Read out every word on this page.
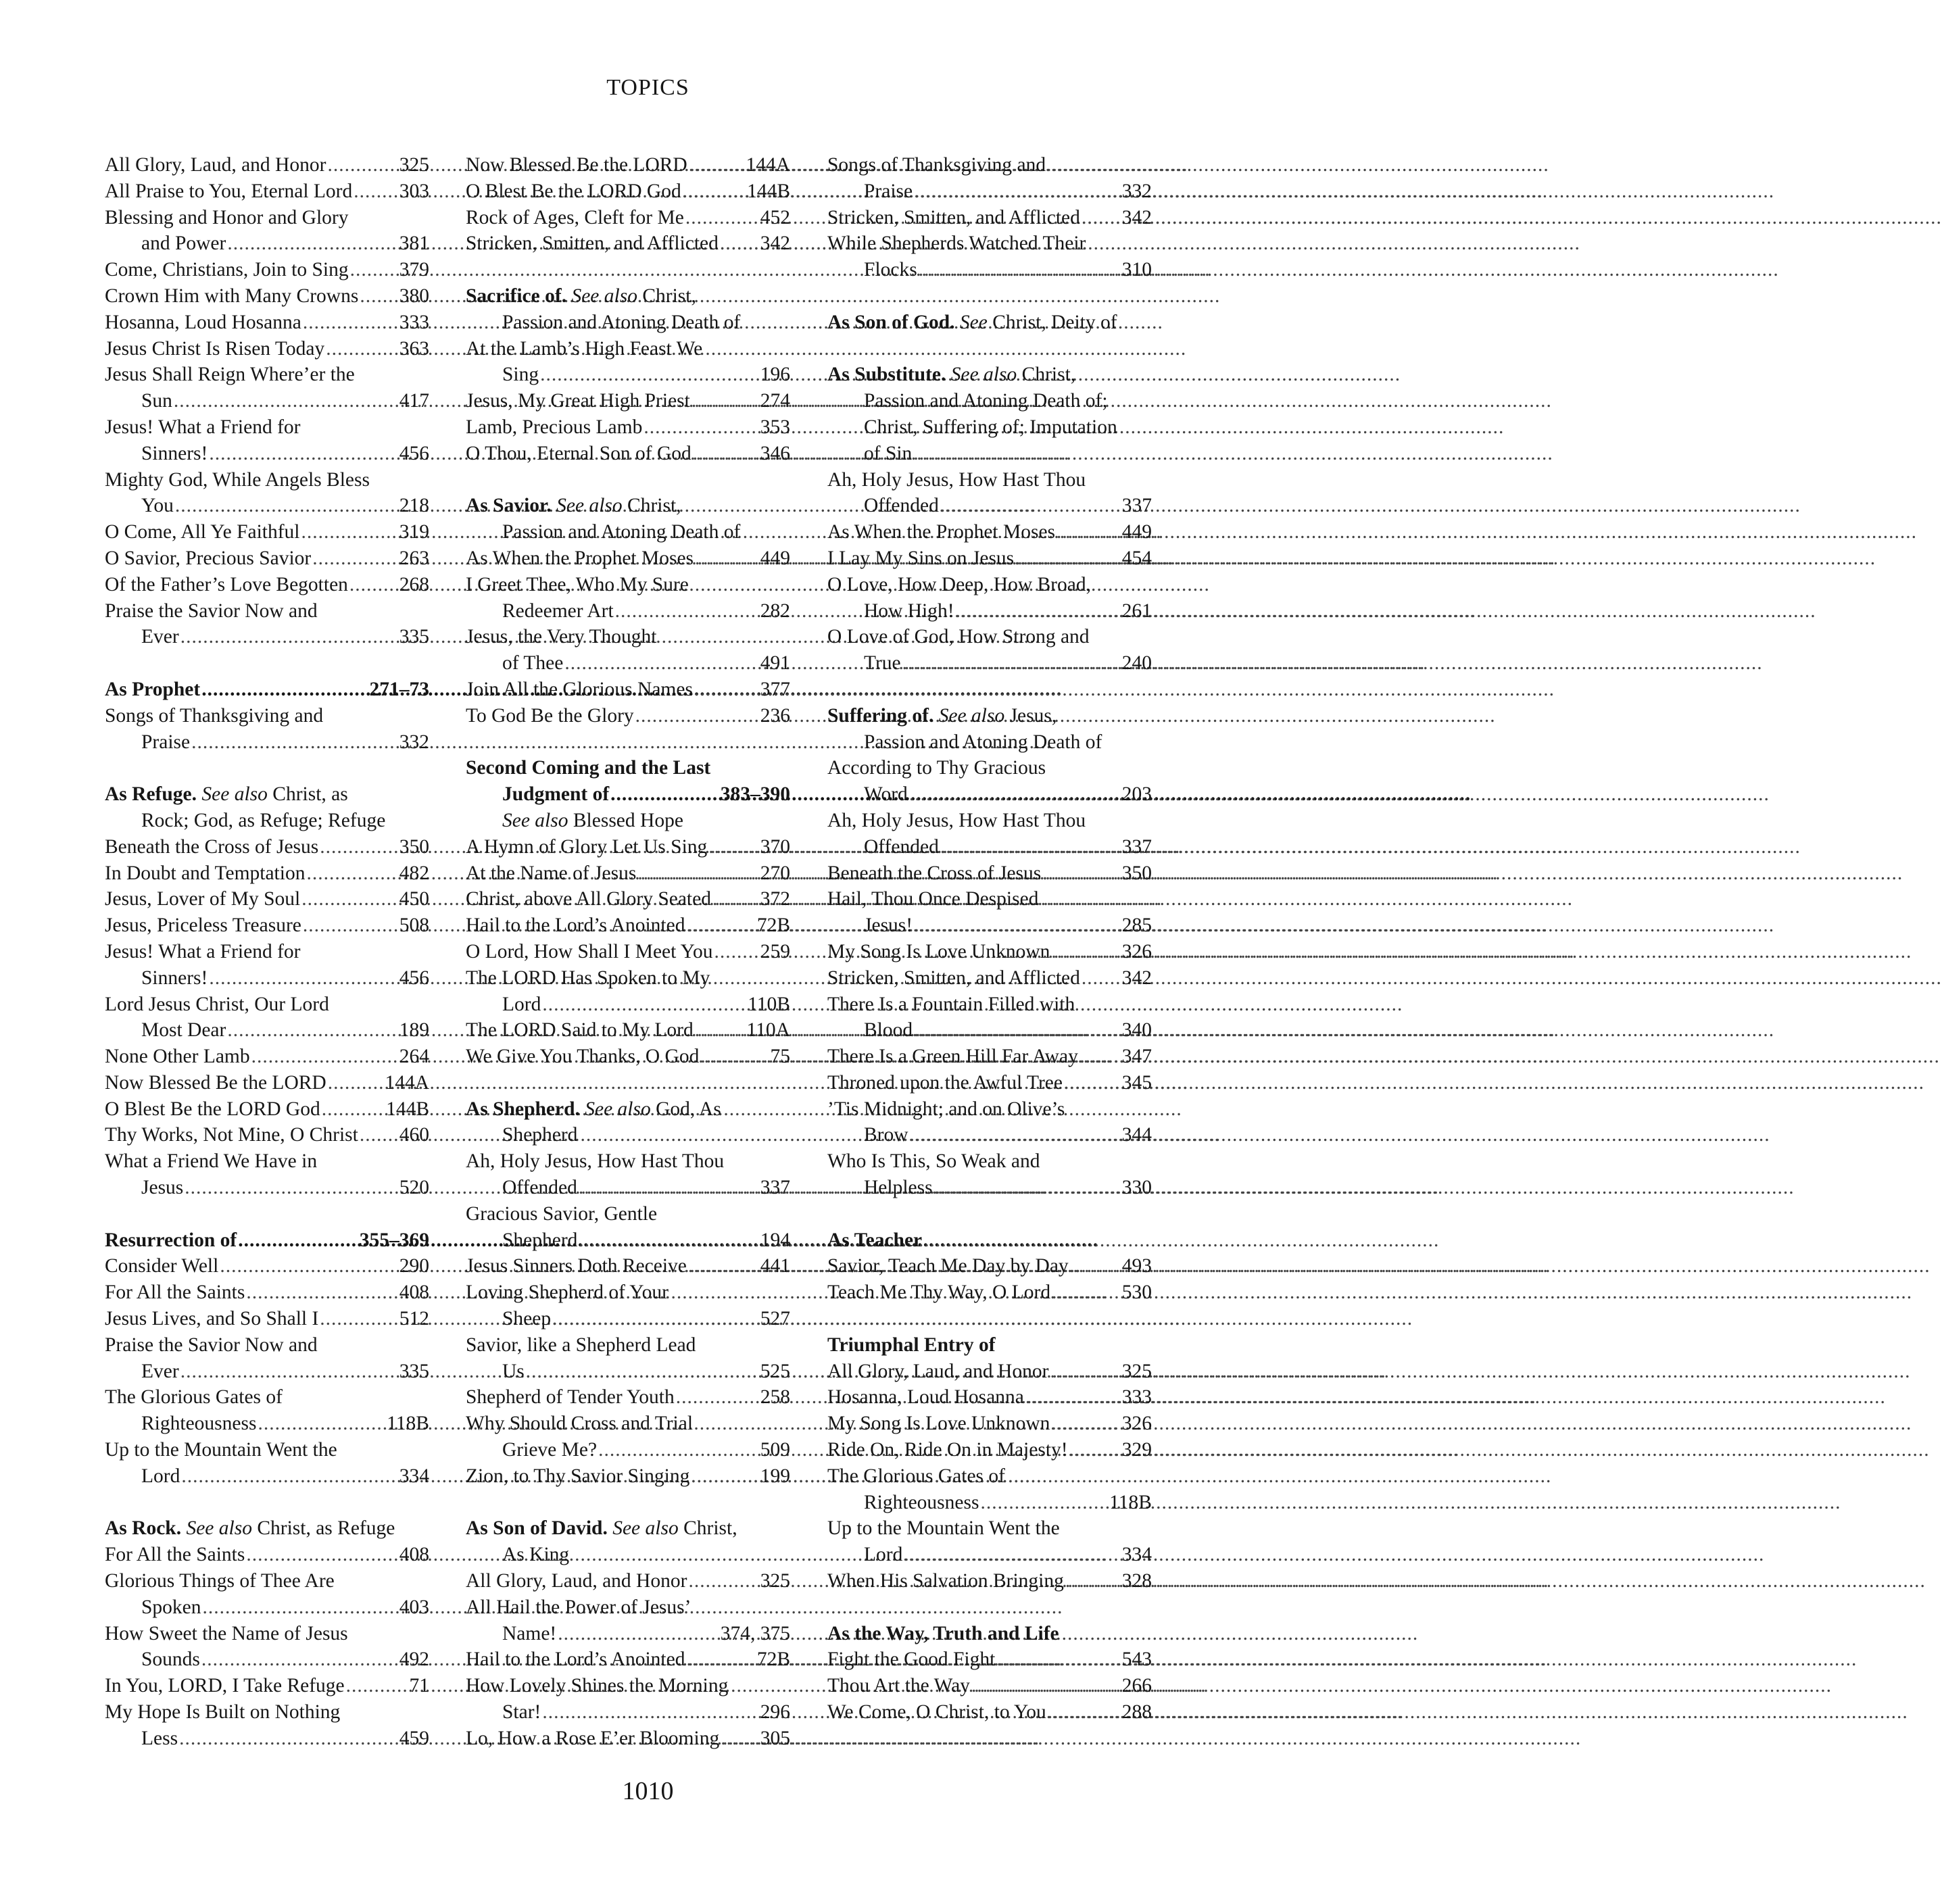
TOPICS
All Glory, Laud, and Honor .....	325
All Praise to You, Eternal Lord ..... 303
Blessing and Honor and Glory
and Power .....	381
Come, Christians, Join to Sing .....	379
Crown Him with Many Crowns ..... 380
Hosanna, Loud Hosanna .....	333
Jesus Christ Is Risen Today .....	363
Jesus Shall Reign Where’er the
Sun .....	417
Jesus! What a Friend for
Sinners! .....	456
Mighty God, While Angels Bless
You .....	218
O Come, All Ye Faithful .....	319
O Savior, Precious Savior .....	263
Of the Father’s Love Begotten .....	268
Praise the Savior Now and
Ever .....	335
As Prophet .....	271–73
Songs of Thanksgiving and
Praise .....	332
As Refuge. See also Christ, as
Rock; God, as Refuge; Refuge
Beneath the Cross of Jesus .....	350
In Doubt and Temptation .....	482
Jesus, Lover of My Soul .....	450
Jesus, Priceless Treasure .....	508
Jesus! What a Friend for
Sinners! .....	456
Lord Jesus Christ, Our Lord
Most Dear .....	189
None Other Lamb .....	264
Now Blessed Be the LORD .....	144A
O Blest Be the LORD God .....	144B
Thy Works, Not Mine, O Christ ..... 460
What a Friend We Have in
Jesus .....	520
Resurrection of .....	355–369
Consider Well .....	290
For All the Saints .....	408
Jesus Lives, and So Shall I .....	512
Praise the Savior Now and
Ever .....	335
The Glorious Gates of
Righteousness .....	118B
Up to the Mountain Went the
Lord .....	334
As Rock. See also Christ, as Refuge
For All the Saints .....	408
Glorious Things of Thee Are
Spoken .....	403
How Sweet the Name of Jesus
Sounds .....	492
In You, LORD, I Take Refuge .....	71
My Hope Is Built on Nothing
Less .....	459
Now Blessed Be the LORD .....	144A
O Blest Be the LORD God .....	144B
Rock of Ages, Cleft for Me .....	452
Stricken, Smitten, and Afflicted ..... 342
Sacrifice of. See also Christ,
Passion and Atoning Death of
At the Lamb’s High Feast We
Sing .....	196
Jesus, My Great High Priest .....	274
Lamb, Precious Lamb .....	353
O Thou, Eternal Son of God .....	346
As Savior. See also Christ,
Passion and Atoning Death of
As When the Prophet Moses .....	449
I Greet Thee, Who My Sure
Redeemer Art .....	282
Jesus, the Very Thought
of Thee .....	491
Join All the Glorious Names .....	377
To God Be the Glory .....	236
Second Coming and the Last
Judgment of .....	383–390
See also Blessed Hope
A Hymn of Glory Let Us Sing .....	370
At the Name of Jesus .....	270
Christ, above All Glory Seated ..... 372
Hail to the Lord’s Anointed .....	72B
O Lord, How Shall I Meet You ..... 259
The LORD Has Spoken to My
Lord .....	110B
The LORD Said to My Lord .....	110A
We Give You Thanks, O God .....	75
As Shepherd. See also God, As
Shepherd
Ah, Holy Jesus, How Hast Thou
Offended .....	337
Gracious Savior, Gentle
Shepherd .....	194
Jesus Sinners Doth Receive .....	441
Loving Shepherd of Your
Sheep .....	527
Savior, like a Shepherd Lead
Us .....	525
Shepherd of Tender Youth .....	258
Why Should Cross and Trial
Grieve Me? .....	509
Zion, to Thy Savior Singing .....	199
As Son of David. See also Christ,
As King
All Glory, Laud, and Honor .....	325
All Hail the Power of Jesus’
Name! .....	374, 375
Hail to the Lord’s Anointed .....	72B
How Lovely Shines the Morning
Star! .....	296
Lo, How a Rose E’er Blooming ..... 305
Songs of Thanksgiving and
Praise .....	332
Stricken, Smitten, and Afflicted ..... 342
While Shepherds Watched Their
Flocks .....	310
As Son of God. See Christ, Deity of
As Substitute. See also Christ,
Passion and Atoning Death of;
Christ, Suffering of; Imputation
of Sin
Ah, Holy Jesus, How Hast Thou
Offended .....	337
As When the Prophet Moses .....	449
I Lay My Sins on Jesus .....	454
O Love, How Deep, How Broad,
How High! .....	261
O Love of God, How Strong and
True .....	240
Suffering of. See also Jesus,
Passion and Atoning Death of
According to Thy Gracious
Word .....	203
Ah, Holy Jesus, How Hast Thou
Offended .....	337
Beneath the Cross of Jesus .....	350
Hail, Thou Once Despised
Jesus! .....	285
My Song Is Love Unknown .....	326
Stricken, Smitten, and Afflicted ..... 342
There Is a Fountain Filled with
Blood .....	340
There Is a Green Hill Far Away ..... 347
Throned upon the Awful Tree .....	345
’Tis Midnight; and on Olive’s
Brow .....	344
Who Is This, So Weak and
Helpless .....	330
As Teacher
Savior, Teach Me Day by Day .....	493
Teach Me Thy Way, O Lord .....	530
Triumphal Entry of
All Glory, Laud, and Honor .....	325
Hosanna, Loud Hosanna .....	333
My Song Is Love Unknown .....	326
Ride On, Ride On in Majesty! .....	329
The Glorious Gates of
Righteousness .....	118B
Up to the Mountain Went the
Lord .....	334
When His Salvation Bringing .....	328
As the Way, Truth and Life
Fight the Good Fight .....	543
Thou Art the Way .....	266
We Come, O Christ, to You .....	288
1010
